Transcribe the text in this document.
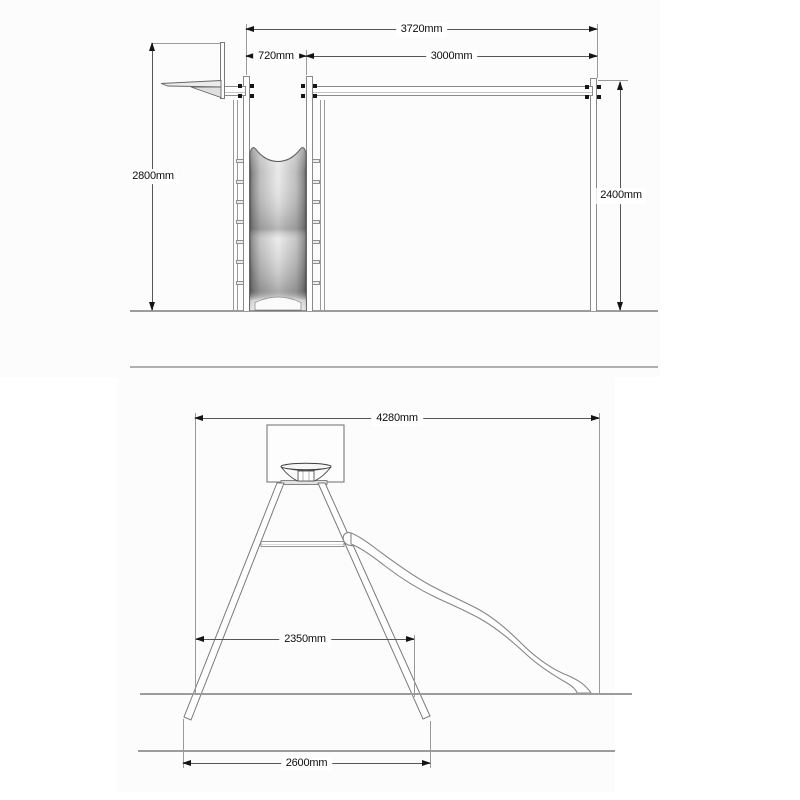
3720mm
720mm	3000mm
2800mm
2400mm
4280mm
2350mm
2600mm
